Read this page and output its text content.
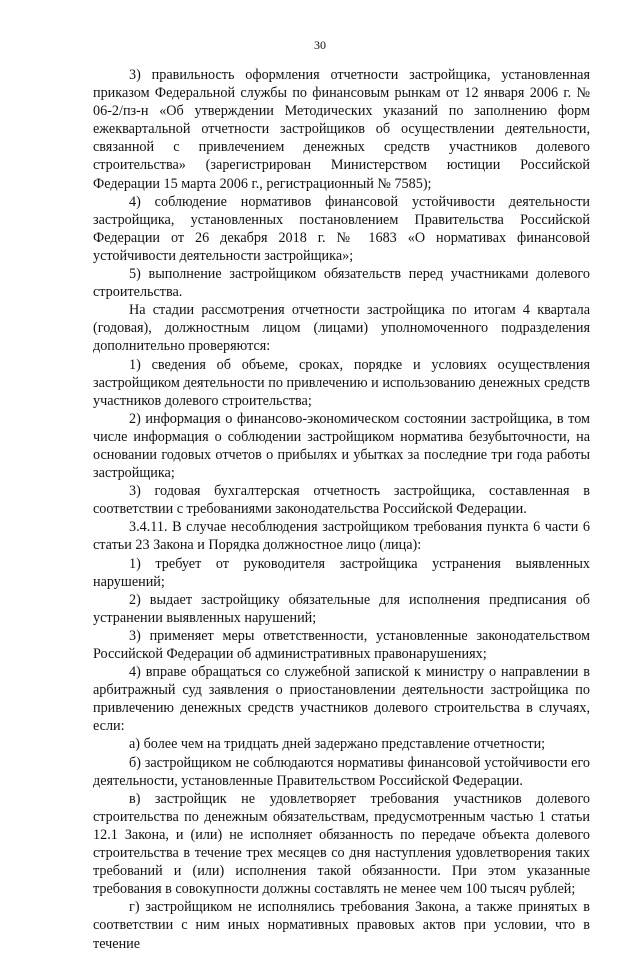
30

3) правильность оформления отчетности застройщика, установленная приказом Федеральной службы по финансовым рынкам от 12 января 2006 г. № 06-2/пз-н «Об утверждении Методических указаний по заполнению форм ежеквартальной отчетности застройщиков об осуществлении деятельности, связанной с привлечением денежных средств участников долевого строительства» (зарегистрирован Министерством юстиции Российской Федерации 15 марта 2006 г., регистрационный № 7585);

4) соблюдение нормативов финансовой устойчивости деятельности застройщика, установленных постановлением Правительства Российской Федерации от 26 декабря 2018 г. № 1683 «О нормативах финансовой устойчивости деятельности застройщика»;

5) выполнение застройщиком обязательств перед участниками долевого строительства.

На стадии рассмотрения отчетности застройщика по итогам 4 квартала (годовая), должностным лицом (лицами) уполномоченного подразделения дополнительно проверяются:

1) сведения об объеме, сроках, порядке и условиях осуществления застройщиком деятельности по привлечению и использованию денежных средств участников долевого строительства;

2) информация о финансово-экономическом состоянии застройщика, в том числе информация о соблюдении застройщиком норматива безубыточности, на основании годовых отчетов о прибылях и убытках за последние три года работы застройщика;

3) годовая бухгалтерская отчетность застройщика, составленная в соответствии с требованиями законодательства Российской Федерации.

3.4.11. В случае несоблюдения застройщиком требования пункта 6 части 6 статьи 23 Закона и Порядка должностное лицо (лица):

1) требует от руководителя застройщика устранения выявленных нарушений;

2) выдает застройщику обязательные для исполнения предписания об устранении выявленных нарушений;

3) применяет меры ответственности, установленные законодательством Российской Федерации об административных правонарушениях;

4) вправе обращаться со служебной запиской к министру о направлении в арбитражный суд заявления о приостановлении деятельности застройщика по привлечению денежных средств участников долевого строительства в случаях, если:

а) более чем на тридцать дней задержано представление отчетности;

б) застройщиком не соблюдаются нормативы финансовой устойчивости его деятельности, установленные Правительством Российской Федерации.

в) застройщик не удовлетворяет требования участников долевого строительства по денежным обязательствам, предусмотренным частью 1 статьи 12.1 Закона, и (или) не исполняет обязанность по передаче объекта долевого строительства в течение трех месяцев со дня наступления удовлетворения таких требований и (или) исполнения такой обязанности. При этом указанные требования в совокупности должны составлять не менее чем 100 тысяч рублей;

г) застройщиком не исполнялись требования Закона, а также принятых в соответствии с ним иных нормативных правовых актов при условии, что в течение
